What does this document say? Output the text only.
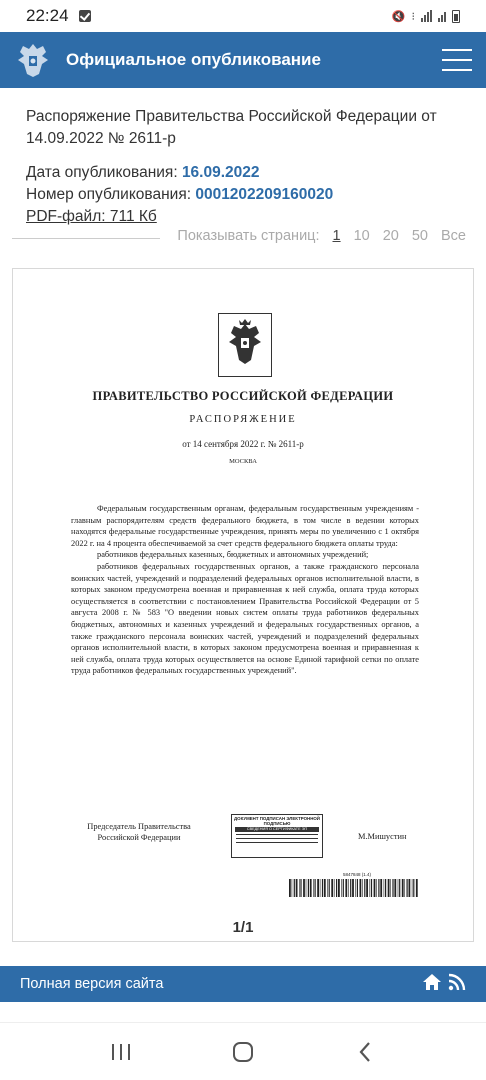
22:24	🔇 ⁝
Официальное опубликование
Распоряжение Правительства Российской Федерации от 14.09.2022 № 2611-р
Дата опубликования: 16.09.2022
Номер опубликования: 0001202209160020
PDF-файл: 711 Кб
Показывать страниц: 1 10 20 50 Все
ПРАВИТЕЛЬСТВО РОССИЙСКОЙ ФЕДЕРАЦИИ
РАСПОРЯЖЕНИЕ
от 14 сентября 2022 г. № 2611-р
МОСКВА

Федеральным государственным органам, федеральным государственным учреждениям - главным распорядителям средств федерального бюджета, в том числе в ведении которых находятся федеральные государственные учреждения, принять меры по увеличению с 1 октября 2022 г. на 4 процента обеспечиваемой за счет средств федерального бюджета оплаты труда:

работников федеральных казенных, бюджетных и автономных учреждений;

работников федеральных государственных органов, а также гражданского персонала воинских частей, учреждений и подразделений федеральных органов исполнительной власти, в которых законом предусмотрена военная и приравненная к ней служба, оплата труда которых осуществляется в соответствии с постановлением Правительства Российской Федерации от 5 августа 2008 г. № 583 "О введении новых систем оплаты труда работников федеральных бюджетных, автономных и казенных учреждений и федеральных государственных органов, а также гражданского персонала воинских частей, учреждений и подразделений федеральных органов исполнительной власти, в которых законом предусмотрена военная и приравненная к ней служба, оплата труда которых осуществляется на основе Единой тарифной сетки по оплате труда работников федеральных государственных учреждений".

Председатель Правительства Российской Федерации
ДОКУМЕНТ ПОДПИСАН ЭЛЕКТРОННОЙ ПОДПИСЬЮ
СВЕДЕНИЯ О СЕРТИФИКАТЕ ЭП
М.Мишустин
5847848 (1.4)
1/1
Полная версия сайта
